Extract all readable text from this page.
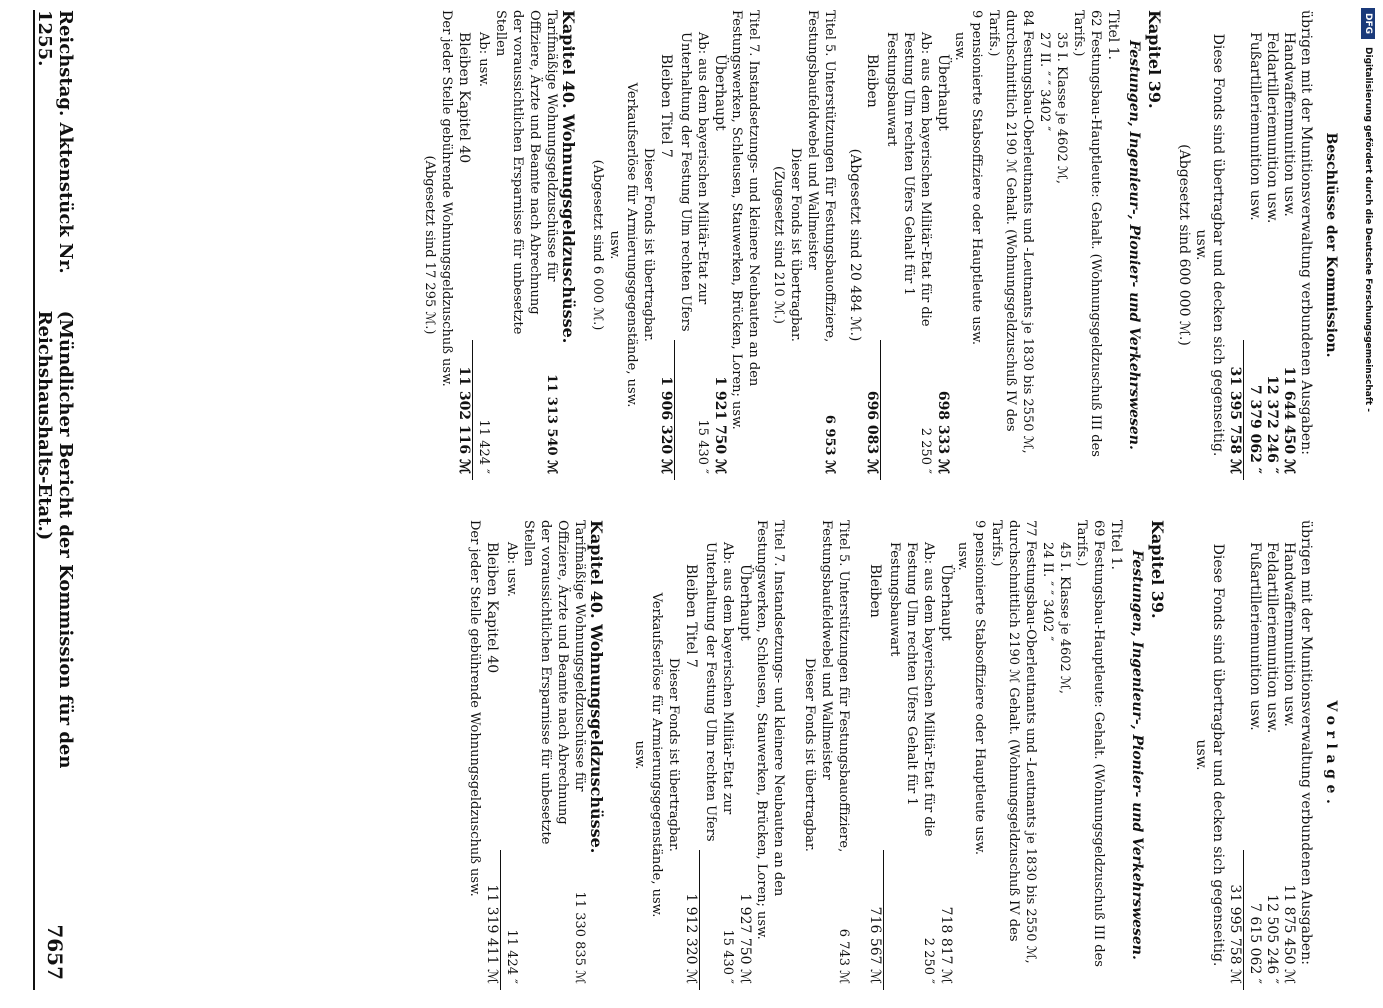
DFG
Digitalisierung gefördert durch die Deutsche Forschungsgemeinschaft -
Beschlüsse der Kommission.
übrigen mit der Munitionsverwaltung verbundenen Ausgaben:
Handwaffenmunition usw.
11 644 450 ℳ
Feldartilleriemunition usw.
12 372 246 ″
Fußartilleriemunition usw.
7 379 062 ″
31 395 758 ℳ
Diese Fonds sind übertragbar und decken sich gegenseitig.
usw.
(Abgesetzt sind 600 000 ℳ.)
Kapitel 39.
Festungen, Ingenieur-, Pionier- und Verkehrswesen.
Titel 1.
62 Festungsbau-Hauptleute: Gehalt. (Wohnungsgeldzuschuß III des Tarifs.)
35 I. Klasse je 4602 ℳ,
27 II. ″ ″ 3402 ″
84 Festungsbau-Oberleutnants und -Leutnants je 1830 bis 2550 ℳ, durchschnittlich 2190 ℳ Gehalt. (Wohnungsgeldzuschuß IV des Tarifs.)
9 pensionierte Stabsoffiziere oder Hauptleute usw.
usw.
Überhaupt
698 333 ℳ
Ab: aus dem bayerischen Militär-Etat für die Festung Ulm rechten Ufers Gehalt für 1 Festungsbauwart
2 250 ″
Bleiben
696 083 ℳ
(Abgesetzt sind 20 484 ℳ.)
Titel 5. Unterstützungen für Festungsbauoffiziere, Festungsbaufeldwebel und Wallmeister
6 953 ℳ
Dieser Fonds ist übertragbar.
(Zugesetzt sind 210 ℳ.)
Titel 7. Instandsetzungs- und kleinere Neubauten an den Festungswerken, Schleusen, Stauwerken, Brücken, Loren; usw.
Überhaupt
1 921 750 ℳ
Ab: aus dem bayerischen Militär-Etat zur Unterhaltung der Festung Ulm rechten Ufers
15 430 ″
Bleiben Titel 7
1 906 320 ℳ
Dieser Fonds ist übertragbar.
Verkaufserlöse für Armierungsgegenstände, usw.
usw.
(Abgesetzt sind 6 000 ℳ.)
Kapitel 40. Wohnungsgeldzuschüsse.
Tarifmäßige Wohnungsgeldzuschüsse für Offiziere, Ärzte und Beamte nach Abrechnung der voraussichtlichen Ersparnisse für unbesetzte Stellen
11 313 540 ℳ
Ab: usw.
11 424 ″
Bleiben Kapitel 40
11 302 116 ℳ
Der jeder Stelle gebührende Wohnungsgeldzuschuß usw.
(Abgesetzt sind 17 295 ℳ.)
Vorlage.
übrigen mit der Munitionsverwaltung verbundenen Ausgaben:
Handwaffenmunition usw.
11 875 450 ℳ
Feldartilleriemunition usw.
12 505 246 ″
Fußartilleriemunition usw.
7 615 062 ″
31 995 758 ℳ
Diese Fonds sind übertragbar und decken sich gegenseitig.
usw.
Kapitel 39.
Festungen, Ingenieur-, Pionier- und Verkehrswesen.
Titel 1.
69 Festungsbau-Hauptleute: Gehalt. (Wohnungsgeldzuschuß III des Tarifs.)
45 I. Klasse je 4602 ℳ,
24 II. ″ ″ 3402 ″
77 Festungsbau-Oberleutnants und -Leutnants je 1830 bis 2550 ℳ, durchschnittlich 2190 ℳ Gehalt. (Wohnungsgeldzuschuß IV des Tarifs.)
9 pensionierte Stabsoffiziere oder Hauptleute usw.
usw.
Überhaupt
718 817 ℳ
Ab: aus dem bayerischen Militär-Etat für die Festung Ulm rechten Ufers Gehalt für 1 Festungsbauwart
2 250 ″
Bleiben
716 567 ℳ
Titel 5. Unterstützungen für Festungsbauoffiziere, Festungsbaufeldwebel und Wallmeister
6 743 ℳ
Dieser Fonds ist übertragbar.
Titel 7. Instandsetzungs- und kleinere Neubauten an den Festungswerken, Schleusen, Stauwerken, Brücken, Loren; usw.
Überhaupt
1 927 750 ℳ
Ab: aus dem bayerischen Militär-Etat zur Unterhaltung der Festung Ulm rechten Ufers
15 430 ″
Bleiben Titel 7
1 912 320 ℳ
Dieser Fonds ist übertragbar.
Verkaufserlöse für Armierungsgegenstände, usw.
usw.
Kapitel 40. Wohnungsgeldzuschüsse.
Tarifmäßige Wohnungsgeldzuschüsse für Offiziere, Ärzte und Beamte nach Abrechnung der voraussichtlichen Ersparnisse für unbesetzte Stellen
11 330 835 ℳ
Ab: usw.
11 424 ″
Bleiben Kapitel 40
11 319 411 ℳ
Der jeder Stelle gebührende Wohnungsgeldzuschuß usw.
Reichstag. Aktenstück Nr. 1255.
(Mündlicher Bericht der Kommission für den Reichshaushalts-Etat.)
7657
